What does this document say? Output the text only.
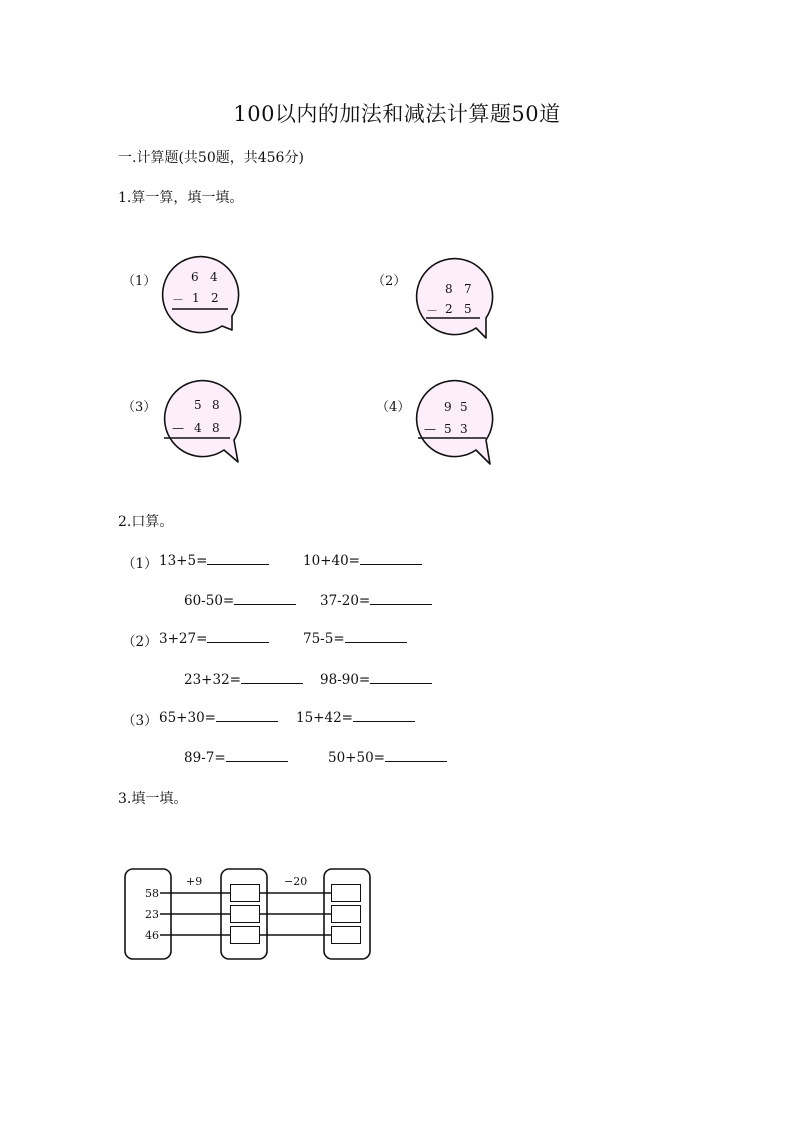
100以内的加法和减法计算题50道
一.计算题(共50题，共456分)
1.算一算，填一填。
（1）	6 4
－ 1 2
（2）	8 7
－ 2 5
（3）	5 8
— 4 8
（4）	9 5
— 5 3
2.口算。
（1） 13+5=	10+40=
60-50=	37-20=
（2） 3+27=	75-5=
23+32=	98-90=
（3） 65+30=	15+42=
89-7=	50+50=
3.填一填。
58
23
46
+9	−20
